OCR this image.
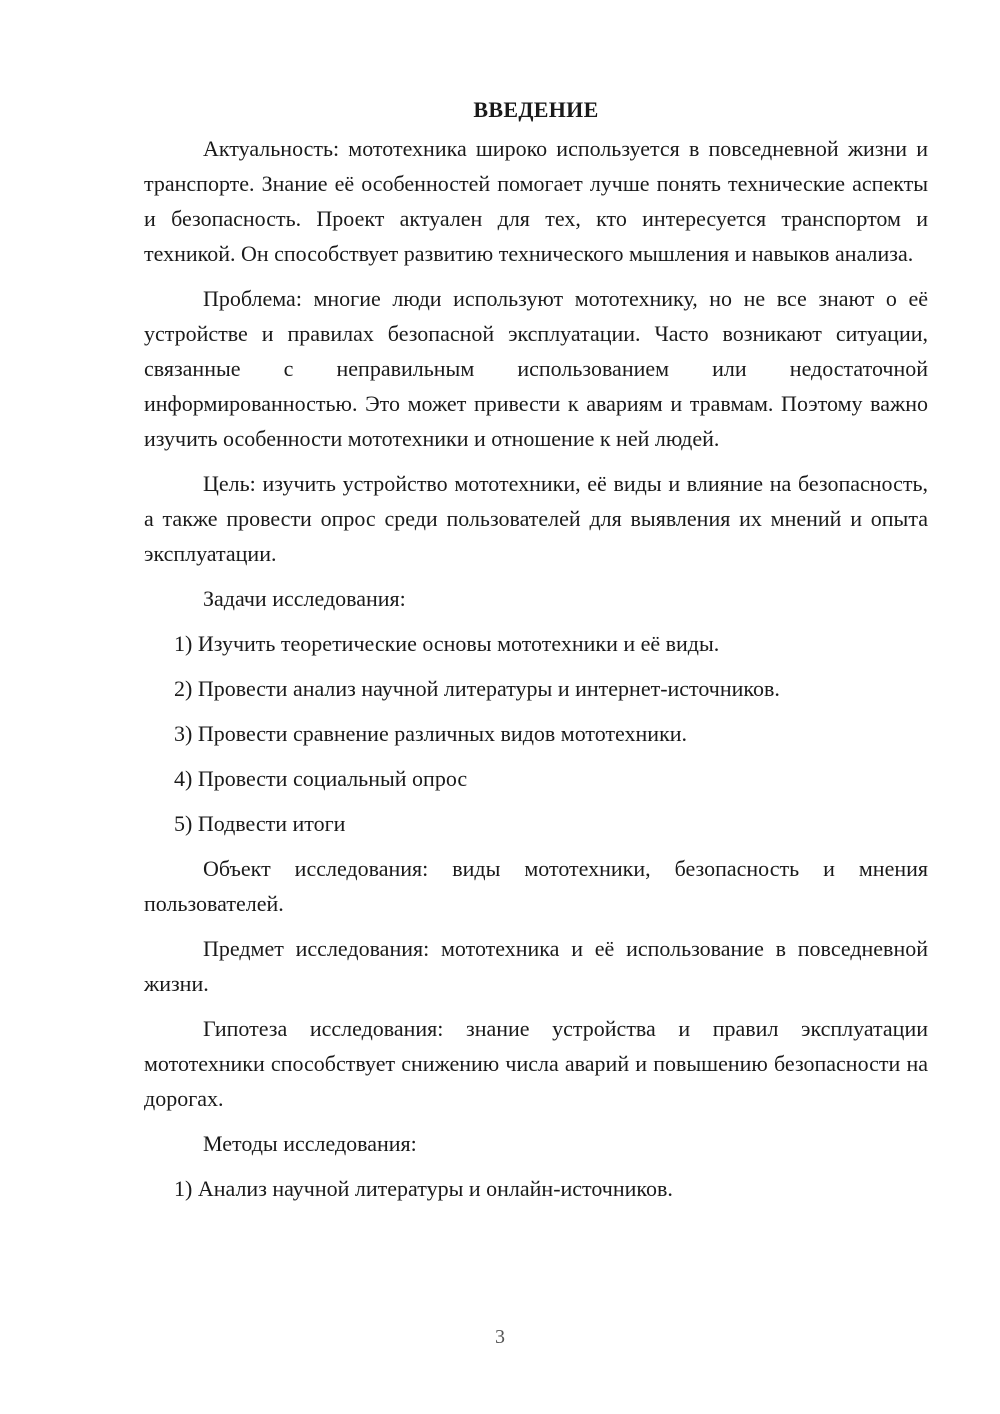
ВВЕДЕНИЕ

Актуальность: мототехника широко используется в повседневной жизни и транспорте. Знание её особенностей помогает лучше понять технические аспекты и безопасность. Проект актуален для тех, кто интересуется транспортом и техникой. Он способствует развитию технического мышления и навыков анализа.

Проблема: многие люди используют мототехнику, но не все знают о её устройстве и правилах безопасной эксплуатации. Часто возникают ситуации, связанные с неправильным использованием или недостаточной информированностью. Это может привести к авариям и травмам. Поэтому важно изучить особенности мототехники и отношение к ней людей.

Цель: изучить устройство мототехники, её виды и влияние на безопасность, а также провести опрос среди пользователей для выявления их мнений и опыта эксплуатации.

Задачи исследования:

1) Изучить теоретические основы мототехники и её виды.

2) Провести анализ научной литературы и интернет-источников.

3) Провести сравнение различных видов мототехники.

4) Провести социальный опрос

5) Подвести итоги

Объект исследования: виды мототехники, безопасность и мнения пользователей.

Предмет исследования: мототехника и её использование в повседневной жизни.

Гипотеза исследования: знание устройства и правил эксплуатации мототехники способствует снижению числа аварий и повышению безопасности на дорогах.

Методы исследования:

1) Анализ научной литературы и онлайн-источников.

3
